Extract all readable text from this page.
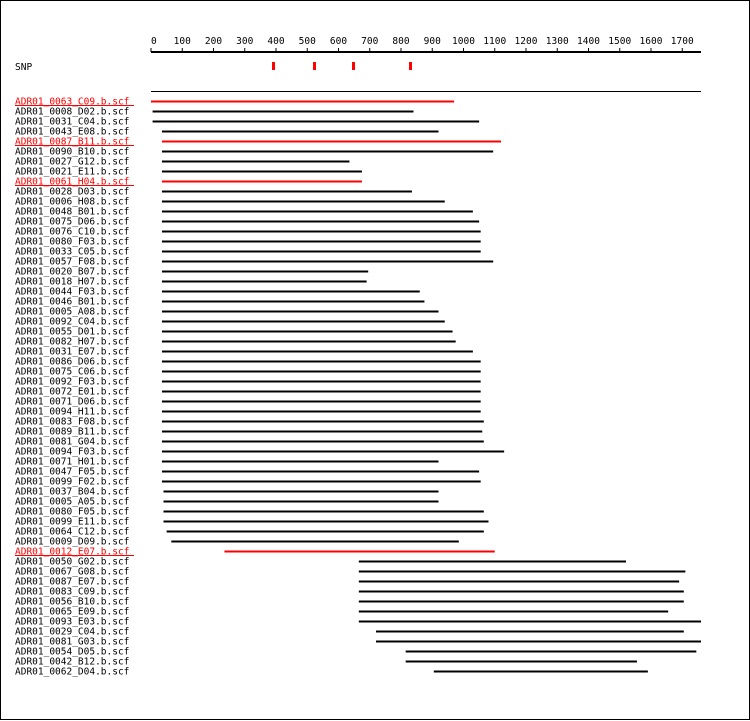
0 100 200 300 400 500 600 700 800 900 1000 1100 1200 1300 1400 1500 1600 1700
SNP
ADR01_0063_C09.b.scf
ADR01_0008_D02.b.scf
ADR01_0031_C04.b.scf
ADR01_0043_E08.b.scf
ADR01_0087_B11.b.scf
ADR01_0090_B10.b.scf
ADR01_0027_G12.b.scf
ADR01_0021_E11.b.scf
ADR01_0061_H04.b.scf
ADR01_0028_D03.b.scf
ADR01_0006_H08.b.scf
ADR01_0048_B01.b.scf
ADR01_0075_D06.b.scf
ADR01_0076_C10.b.scf
ADR01_0080_F03.b.scf
ADR01_0033_C05.b.scf
ADR01_0057_F08.b.scf
ADR01_0020_B07.b.scf
ADR01_0018_H07.b.scf
ADR01_0044_F03.b.scf
ADR01_0046_B01.b.scf
ADR01_0005_A08.b.scf
ADR01_0092_C04.b.scf
ADR01_0055_D01.b.scf
ADR01_0082_H07.b.scf
ADR01_0031_E07.b.scf
ADR01_0086_D06.b.scf
ADR01_0075_C06.b.scf
ADR01_0092_F03.b.scf
ADR01_0072_E01.b.scf
ADR01_0071_D06.b.scf
ADR01_0094_H11.b.scf
ADR01_0083_F08.b.scf
ADR01_0089_B11.b.scf
ADR01_0081_G04.b.scf
ADR01_0094_F03.b.scf
ADR01_0071_H01.b.scf
ADR01_0047_F05.b.scf
ADR01_0099_F02.b.scf
ADR01_0037_B04.b.scf
ADR01_0005_A05.b.scf
ADR01_0080_F05.b.scf
ADR01_0099_E11.b.scf
ADR01_0064_C12.b.scf
ADR01_0009_D09.b.scf
ADR01_0012_E07.b.scf
ADR01_0050_G02.b.scf
ADR01_0067_G08.b.scf
ADR01_0087_E07.b.scf
ADR01_0083_C09.b.scf
ADR01_0056_B10.b.scf
ADR01_0065_E09.b.scf
ADR01_0093_E03.b.scf
ADR01_0029_C04.b.scf
ADR01_0081_G03.b.scf
ADR01_0054_D05.b.scf
ADR01_0042_B12.b.scf
ADR01_0062_D04.b.scf
